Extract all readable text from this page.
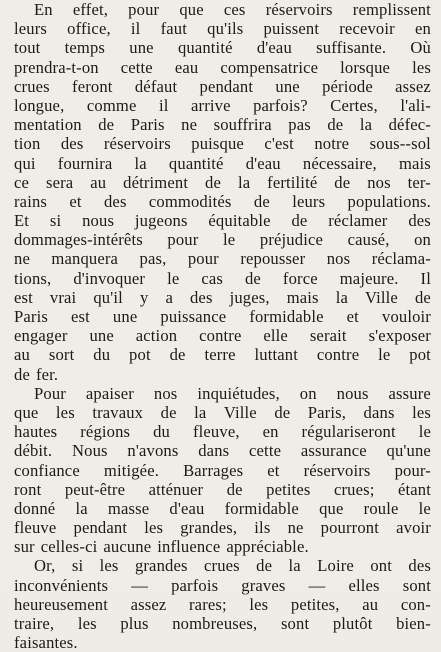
En effet, pour que ces réservoirs remplissent
leurs office, il faut qu'ils puissent recevoir en
tout temps une quantité d'eau suffisante. Où
prendra-t-on cette eau compensatrice lorsque les
crues feront défaut pendant une période assez
longue, comme il arrive parfois? Certes, l'ali-
mentation de Paris ne souffrira pas de la défec-
tion des réservoirs puisque c'est notre sous--sol
qui fournira la quantité d'eau nécessaire, mais
ce sera au détriment de la fertilité de nos ter-
rains et des commodités de leurs populations.
Et si nous jugeons équitable de réclamer des
dommages-intérêts pour le préjudice causé, on
ne manquera pas, pour repousser nos réclama-
tions, d'invoquer le cas de force majeure. Il
est vrai qu'il y a des juges, mais la Ville de
Paris est une puissance formidable et vouloir
engager une action contre elle serait s'exposer
au sort du pot de terre luttant contre le pot
de fer.
Pour apaiser nos inquiétudes, on nous assure
que les travaux de la Ville de Paris, dans les
hautes régions du fleuve, en régulariseront le
débit. Nous n'avons dans cette assurance qu'une
confiance mitigée. Barrages et réservoirs pour-
ront peut-être atténuer de petites crues; étant
donné la masse d'eau formidable que roule le
fleuve pendant les grandes, ils ne pourront avoir
sur celles-ci aucune influence appréciable.
Or, si les grandes crues de la Loire ont des
inconvénients — parfois graves — elles sont
heureusement assez rares; les petites, au con-
traire, les plus nombreuses, sont plutôt bien-
faisantes.
